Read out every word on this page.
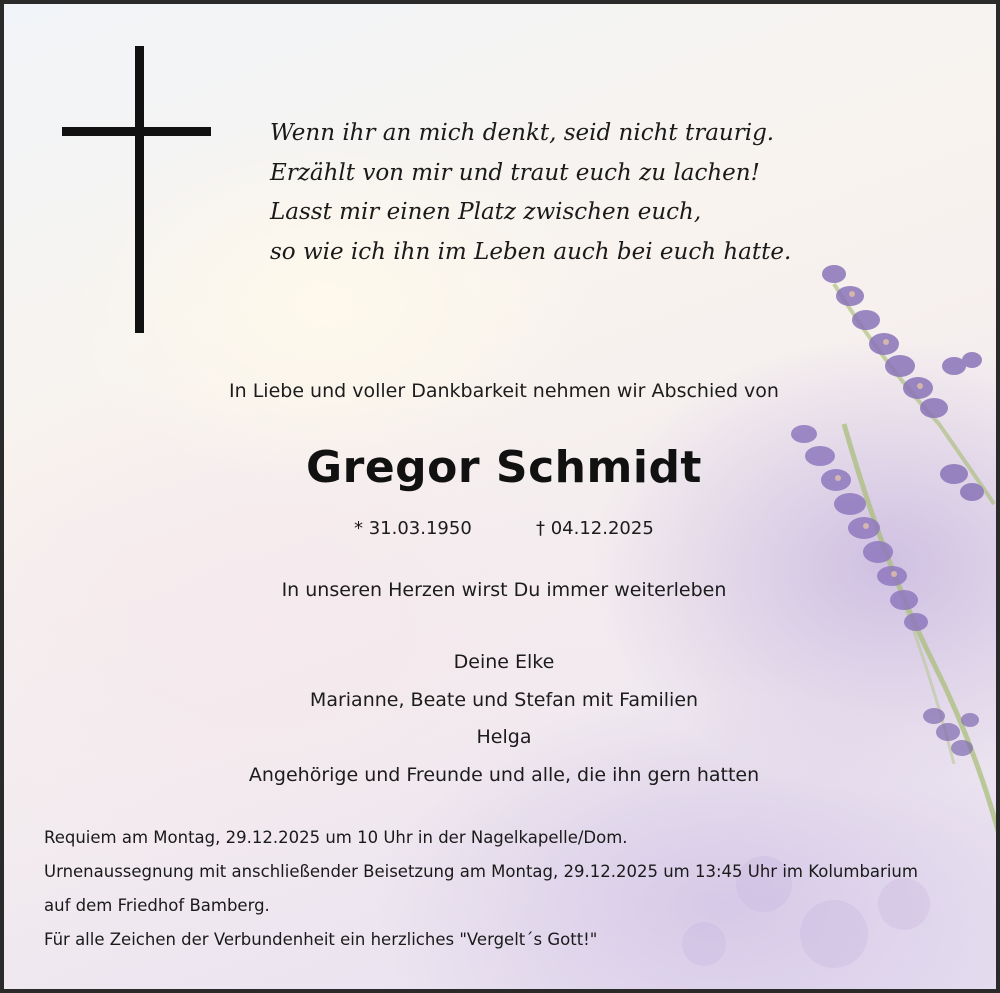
Wenn ihr an mich denkt, seid nicht traurig.
Erzählt von mir und traut euch zu lachen!
Lasst mir einen Platz zwischen euch,
so wie ich ihn im Leben auch bei euch hatte.
In Liebe und voller Dankbarkeit nehmen wir Abschied von
Gregor Schmidt
* 31.03.1950	† 04.12.2025
In unseren Herzen wirst Du immer weiterleben
Deine Elke
Marianne, Beate und Stefan mit Familien
Helga
Angehörige und Freunde und alle, die ihn gern hatten
Requiem am Montag, 29.12.2025 um 10 Uhr in der Nagelkapelle/Dom.
Urnenaussegnung mit anschließender Beisetzung am Montag, 29.12.2025 um 13:45 Uhr im Kolumbarium
auf dem Friedhof Bamberg.
Für alle Zeichen der Verbundenheit ein herzliches "Vergelt´s Gott!"
